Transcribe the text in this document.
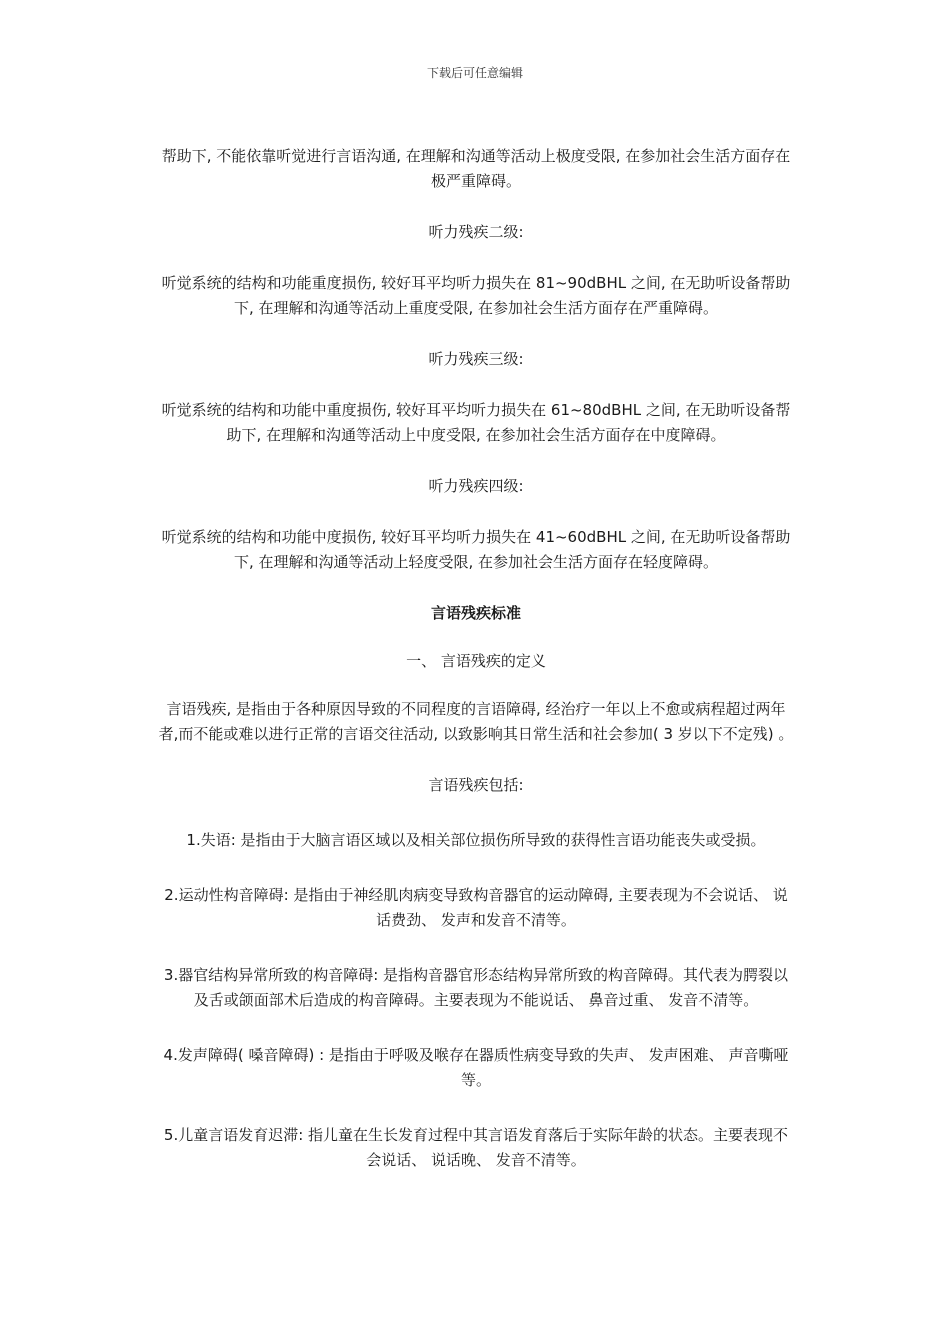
下载后可任意编辑

帮助下, 不能依靠听觉进行言语沟通, 在理解和沟通等活动上极度受限, 在参加社会生活方面存在极严重障碍。

听力残疾二级:

听觉系统的结构和功能重度损伤, 较好耳平均听力损失在 81~90dBHL 之间, 在无助听设备帮助下, 在理解和沟通等活动上重度受限, 在参加社会生活方面存在严重障碍。

听力残疾三级:

听觉系统的结构和功能中重度损伤, 较好耳平均听力损失在 61~80dBHL 之间, 在无助听设备帮助下, 在理解和沟通等活动上中度受限, 在参加社会生活方面存在中度障碍。

听力残疾四级:

听觉系统的结构和功能中度损伤, 较好耳平均听力损失在 41~60dBHL 之间, 在无助听设备帮助下, 在理解和沟通等活动上轻度受限, 在参加社会生活方面存在轻度障碍。

言语残疾标准

一、 言语残疾的定义

言语残疾, 是指由于各种原因导致的不同程度的言语障碍, 经治疗一年以上不愈或病程超过两年者,而不能或难以进行正常的言语交往活动, 以致影响其日常生活和社会参加( 3 岁以下不定残) 。

言语残疾包括:

1.失语: 是指由于大脑言语区域以及相关部位损伤所导致的获得性言语功能丧失或受损。

2.运动性构音障碍: 是指由于神经肌肉病变导致构音器官的运动障碍, 主要表现为不会说话、 说话费劲、 发声和发音不清等。

3.器官结构异常所致的构音障碍: 是指构音器官形态结构异常所致的构音障碍。其代表为腭裂以及舌或颌面部术后造成的构音障碍。主要表现为不能说话、 鼻音过重、 发音不清等。

4.发声障碍( 嗓音障碍) : 是指由于呼吸及喉存在器质性病变导致的失声、 发声困难、 声音嘶哑等。

5.儿童言语发育迟滞: 指儿童在生长发育过程中其言语发育落后于实际年龄的状态。主要表现不会说话、 说话晚、 发音不清等。
